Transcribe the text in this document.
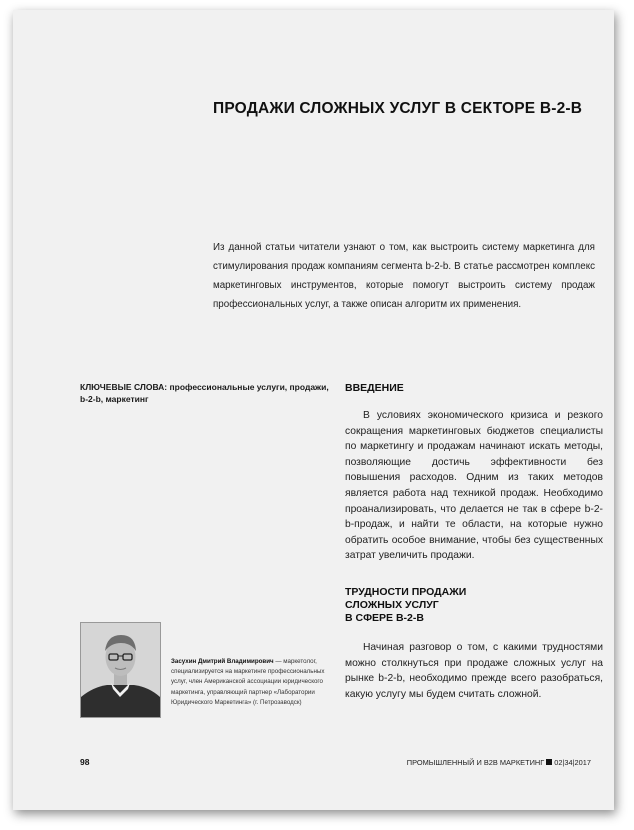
ПРОДАЖИ СЛОЖНЫХ УСЛУГ В СЕКТОРЕ B-2-B
Из данной статьи читатели узнают о том, как выстроить систему маркетинга для стимулирования продаж компаниям сегмента b-2-b. В статье рассмотрен комплекс маркетинговых инструментов, которые помогут выстроить систему продаж профессиональных услуг, а также описан алгоритм их применения.
КЛЮЧЕВЫЕ СЛОВА: профессиональные услуги, продажи, b-2-b, маркетинг
ВВЕДЕНИЕ
В условиях экономического кризиса и резкого сокращения маркетинговых бюджетов специалисты по маркетингу и продажам начинают искать методы, позволяющие достичь эффективности без повышения расходов. Одним из таких методов является работа над техникой продаж. Необходимо проанализировать, что делается не так в сфере b-2-b-продаж, и найти те области, на которые нужно обратить особое внимание, чтобы без существенных затрат увеличить продажи.
ТРУДНОСТИ ПРОДАЖИ
СЛОЖНЫХ УСЛУГ
В СФЕРЕ B-2-B
Начиная разговор о том, с какими трудностями можно столкнуться при продаже сложных услуг на рынке b-2-b, необходимо прежде всего разобраться, какую услугу мы будем считать сложной.
Засухин Дмитрий Владимирович — маркетолог, специализируется на маркетинге профессиональных услуг, член Американской ассоциации юридического маркетинга, управляющий партнер «Лаборатории Юридического Маркетинга» (г. Петрозаводск)
98	ПРОМЫШЛЕННЫЙ И B2B МАРКЕТИНГ 02|34|2017
